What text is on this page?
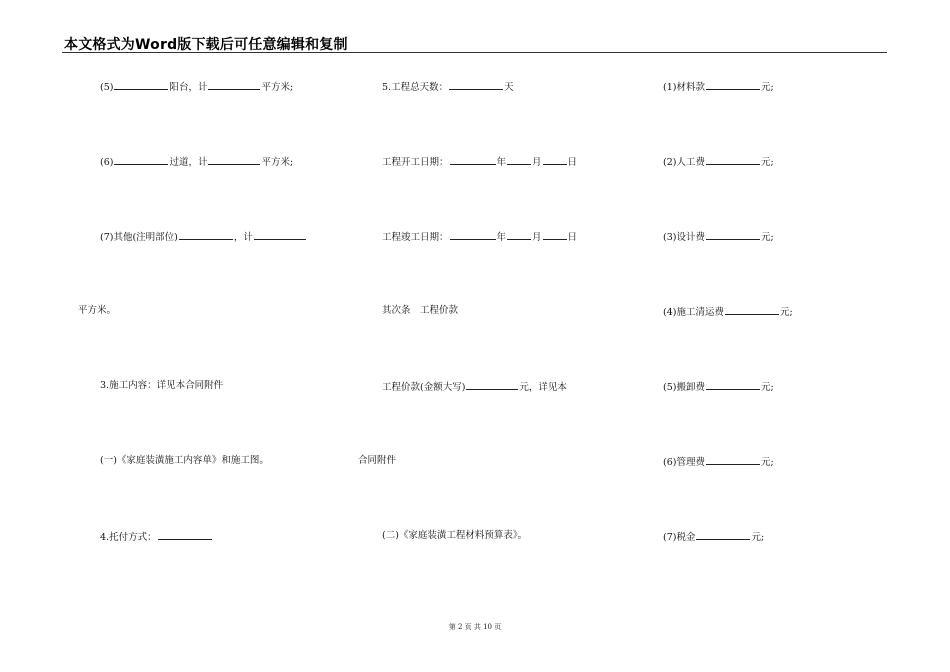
本文格式为Word版下载后可任意编辑和复制
(5)	阳台，计	平方米;
(6)	过道，计	平方米;
(7)其他(注明部位)	，计
平方米。
3.施工内容：详见本合同附件
(一)《家庭装潢施工内容单》和施工图。
4.托付方式：
5.工程总天数：	天
工程开工日期：	年	月	日
工程竣工日期：	年	月	日
其次条　工程价款
工程价款(金额大写)	元，详见本
合同附件
(二)《家庭装潢工程材料预算表》。
(1)材料款	元;
(2)人工费	元;
(3)设计费	元;
(4)施工清运费	元;
(5)搬卸费	元;
(6)管理费	元;
(7)税金	元;
第 2 页 共 10 页
